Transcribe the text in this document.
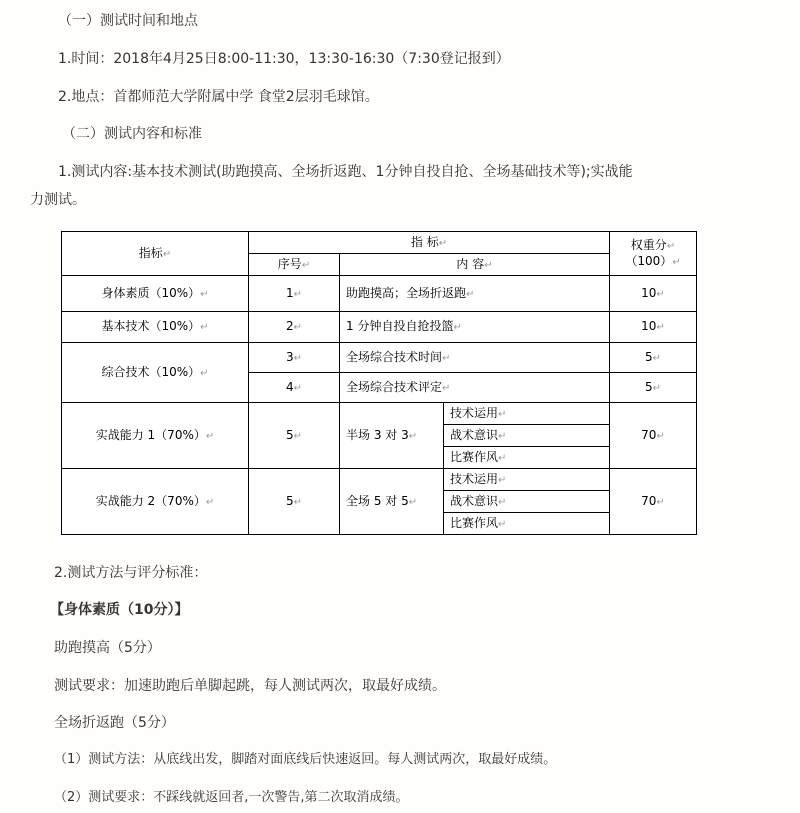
（一）测试时间和地点
1.时间：2018年4月25日8:00-11:30，13:30-16:30（7:30登记报到）
2.地点：首都师范大学附属中学 食堂2层羽毛球馆。
（二）测试内容和标准
1.测试内容:基本技术测试(助跑摸高、全场折返跑、1分钟自投自抢、全场基础技术等);实战能
力测试。
指标↵	指 标↵			权重分↵
（100）↵
	序号↵	内 容↵		
身体素质（10%）↵	1↵	助跑摸高；全场折返跑↵		10↵
基本技术（10%）↵	2↵	1 分钟自投自抢投篮↵		10↵
综合技术（10%）↵	3↵	全场综合技术时间↵		5↵
	4↵	全场综合技术评定↵		5↵
实战能力 1（70%）↵	5↵	半场 3 对 3↵	技术运用↵	70↵
			战术意识↵	
			比赛作风↵	
实战能力 2（70%）↵	5↵	全场 5 对 5↵	技术运用↵	70↵
			战术意识↵	
			比赛作风↵	
2.测试方法与评分标准：
【身体素质（10分）】
助跑摸高（5分）
测试要求：加速助跑后单脚起跳，每人测试两次，取最好成绩。
全场折返跑（5分）
（1）测试方法：从底线出发，脚踏对面底线后快速返回。每人测试两次，取最好成绩。
（2）测试要求：不踩线就返回者,一次警告,第二次取消成绩。
